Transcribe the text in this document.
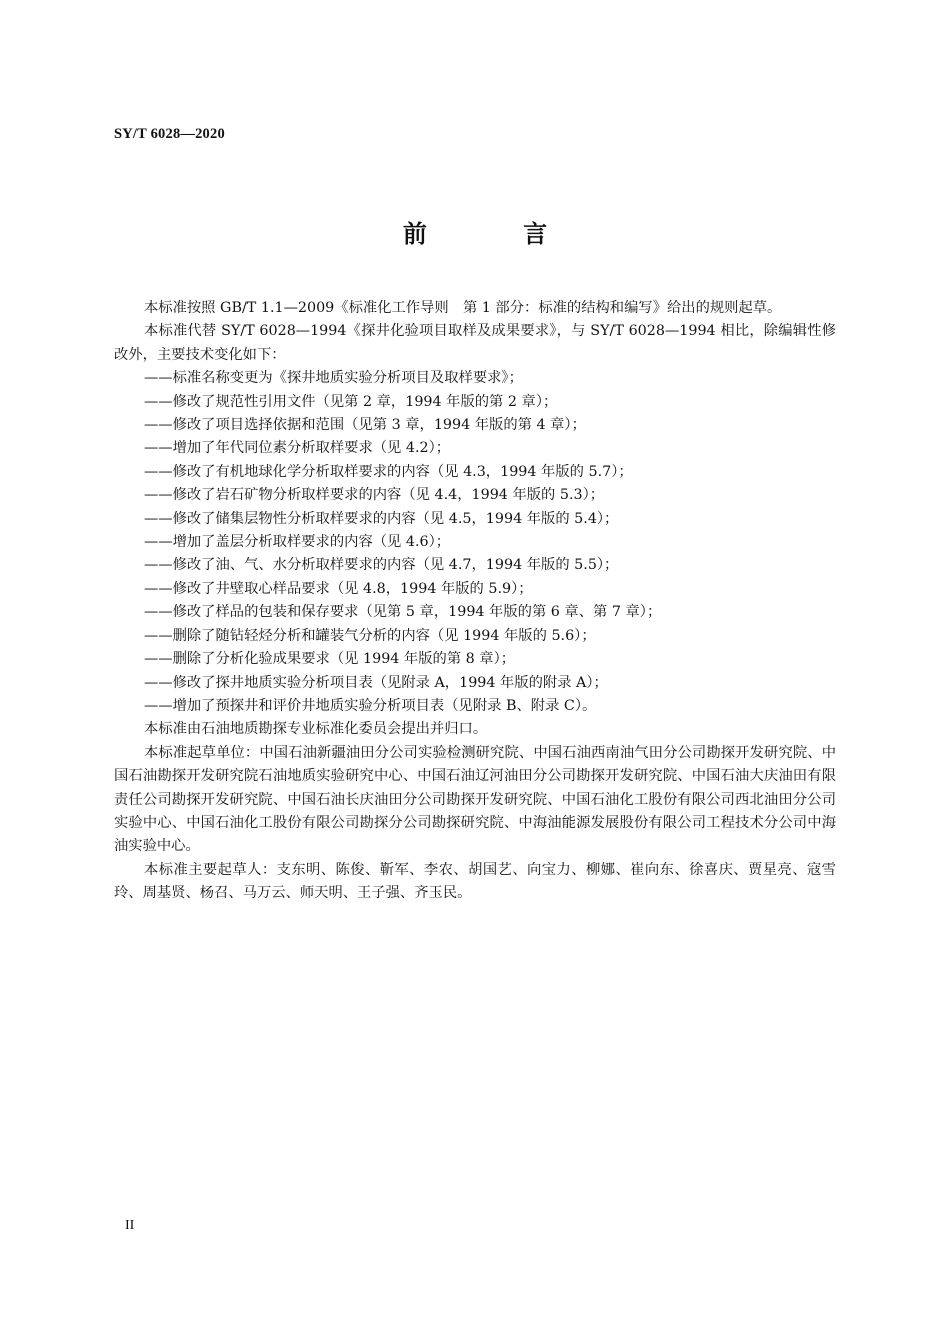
SY/T 6028—2020
前 言

本标准按照 GB/T 1.1—2009《标准化工作导则　第 1 部分：标准的结构和编写》给出的规则起草。

本标准代替 SY/T 6028—1994《探井化验项目取样及成果要求》，与 SY/T 6028—1994 相比，除编辑性修改外，主要技术变化如下：

——标准名称变更为《探井地质实验分析项目及取样要求》；

——修改了规范性引用文件（见第 2 章，1994 年版的第 2 章）；

——修改了项目选择依据和范围（见第 3 章，1994 年版的第 4 章）；

——增加了年代同位素分析取样要求（见 4.2）；

——修改了有机地球化学分析取样要求的内容（见 4.3，1994 年版的 5.7）；

——修改了岩石矿物分析取样要求的内容（见 4.4，1994 年版的 5.3）；

——修改了储集层物性分析取样要求的内容（见 4.5，1994 年版的 5.4）；

——增加了盖层分析取样要求的内容（见 4.6）；

——修改了油、气、水分析取样要求的内容（见 4.7，1994 年版的 5.5）；

——修改了井壁取心样品要求（见 4.8，1994 年版的 5.9）；

——修改了样品的包装和保存要求（见第 5 章，1994 年版的第 6 章、第 7 章）；

——删除了随钻轻烃分析和罐装气分析的内容（见 1994 年版的 5.6）；

——删除了分析化验成果要求（见 1994 年版的第 8 章）；

——修改了探井地质实验分析项目表（见附录 A，1994 年版的附录 A）；

——增加了预探井和评价井地质实验分析项目表（见附录 B、附录 C）。

本标准由石油地质勘探专业标准化委员会提出并归口。

本标准起草单位：中国石油新疆油田分公司实验检测研究院、中国石油西南油气田分公司勘探开发研究院、中国石油勘探开发研究院石油地质实验研究中心、中国石油辽河油田分公司勘探开发研究院、中国石油大庆油田有限责任公司勘探开发研究院、中国石油长庆油田分公司勘探开发研究院、中国石油化工股份有限公司西北油田分公司实验中心、中国石油化工股份有限公司勘探分公司勘探研究院、中海油能源发展股份有限公司工程技术分公司中海油实验中心。

本标准主要起草人：支东明、陈俊、靳军、李农、胡国艺、向宝力、柳娜、崔向东、徐喜庆、贾星亮、寇雪玲、周基贤、杨召、马万云、师天明、王子强、齐玉民。

II
